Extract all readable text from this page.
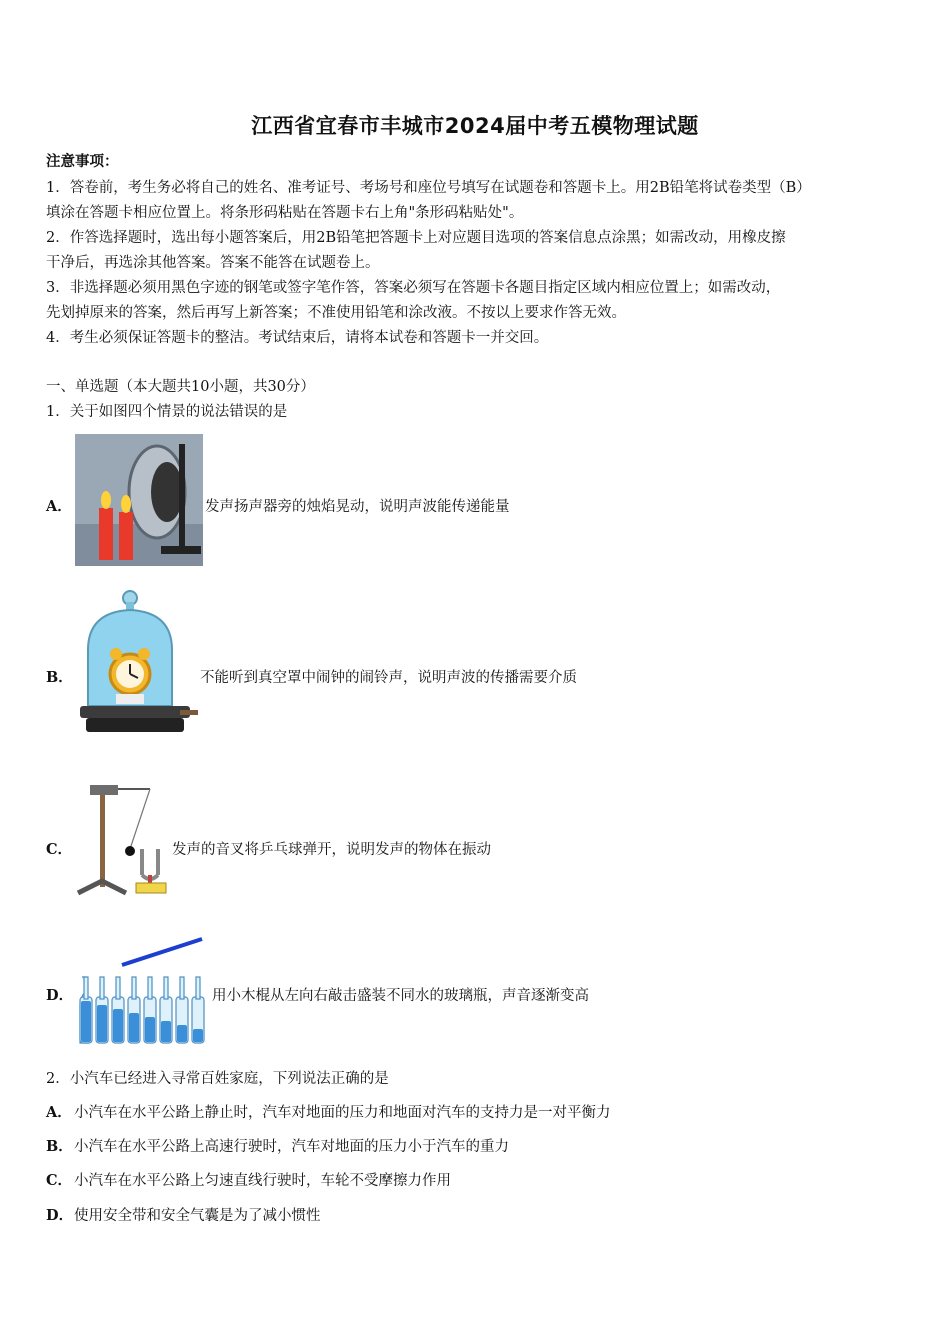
江西省宜春市丰城市2024届中考五模物理试题
注意事项：
1．答卷前，考生务必将自己的姓名、准考证号、考场号和座位号填写在试题卷和答题卡上。用2B铅笔将试卷类型（B）
填涂在答题卡相应位置上。将条形码粘贴在答题卡右上角"条形码粘贴处"。
2．作答选择题时，选出每小题答案后，用2B铅笔把答题卡上对应题目选项的答案信息点涂黑；如需改动，用橡皮擦
干净后，再选涂其他答案。答案不能答在试题卷上。
3．非选择题必须用黑色字迹的钢笔或签字笔作答，答案必须写在答题卡各题目指定区域内相应位置上；如需改动，
先划掉原来的答案，然后再写上新答案；不准使用铅笔和涂改液。不按以上要求作答无效。
4．考生必须保证答题卡的整洁。考试结束后，请将本试卷和答题卡一并交回。
一、单选题（本大题共10小题，共30分）
1．关于如图四个情景的说法错误的是
A．	发声扬声器旁的烛焰晃动，说明声波能传递能量
B．	不能听到真空罩中闹钟的闹铃声，说明声波的传播需要介质
C．	发声的音叉将乒乓球弹开，说明发声的物体在振动
D．	用小木棍从左向右敲击盛装不同水的玻璃瓶，声音逐渐变高
2．小汽车已经进入寻常百姓家庭，下列说法正确的是
A． 小汽车在水平公路上静止时，汽车对地面的压力和地面对汽车的支持力是一对平衡力
B． 小汽车在水平公路上高速行驶时，汽车对地面的压力小于汽车的重力
C． 小汽车在水平公路上匀速直线行驶时，车轮不受摩擦力作用
D． 使用安全带和安全气囊是为了减小惯性
